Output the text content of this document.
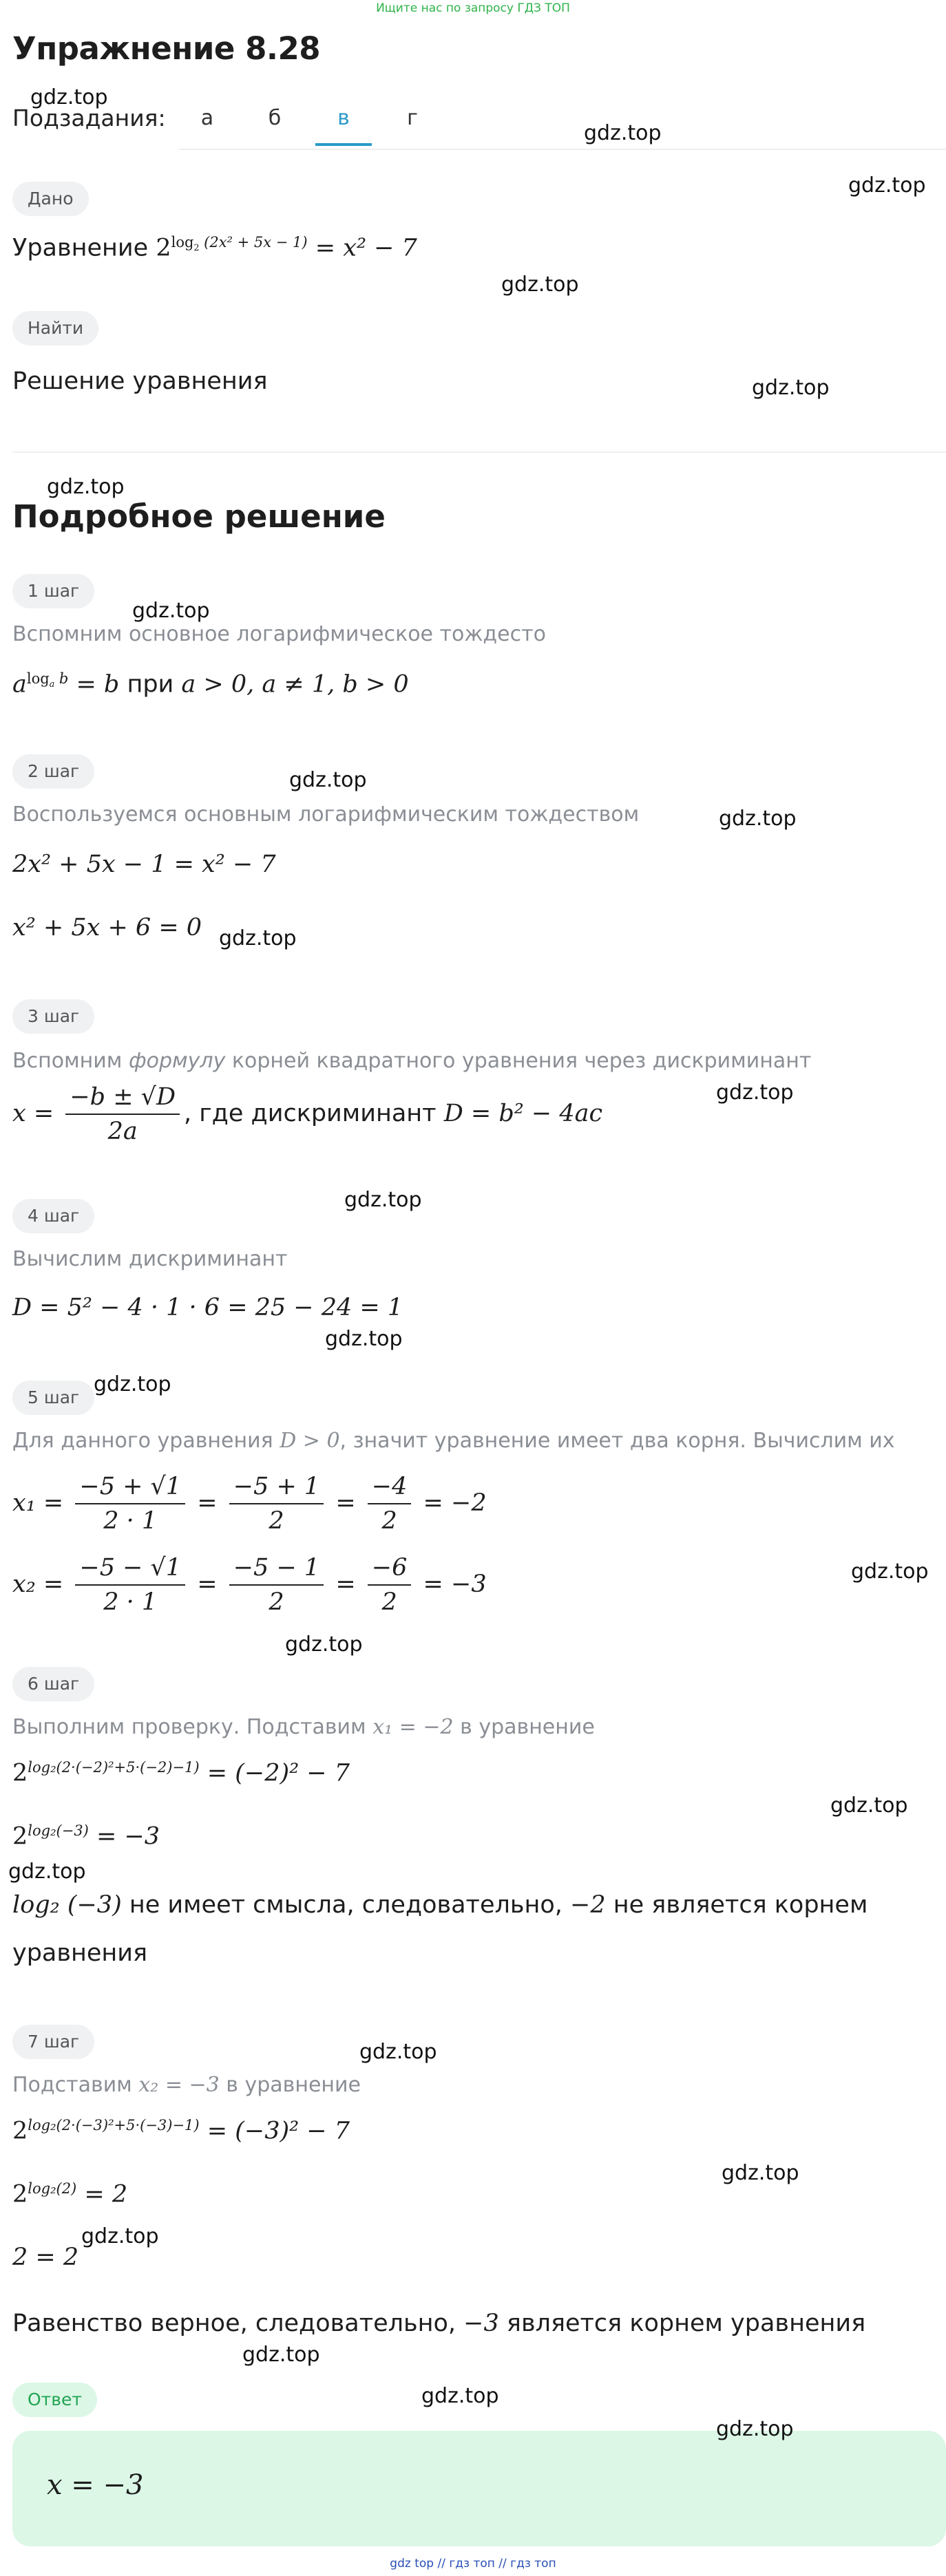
Ищите нас по запросу ГДЗ ТОП
Упражнение 8.28
Подзадания:	а	б	в	г
Дано
Уравнение $2^{log_2 (2x^2 + 5x - 1)} = x^2 - 7$
Найти
Решение уравнения
Подробное решение
1 шаг
Вспомним основное логарифмическое тождесто
$a^{log_a b} = b$ при a > 0, a ≠ 1, b > 0
2 шаг
Воспользуемся основным логарифмическим тождеством
2x² + 5x − 1 = x² − 7
x² + 5x + 6 = 0
3 шаг
Вспомним формулу корней квадратного уравнения через дискриминант
$x = \frac{-b \pm √D}{2a}$ , где дискриминант D = b² − 4ac
4 шаг
Вычислим дискриминант
D = 5² − 4 · 1 · 6 = 25 − 24 = 1
5 шаг
Для данного уравнения D > 0, значит уравнение имеет два корня. Вычислим их
$x_1 = \frac{-5 + √1}{2 \cdot 1} = \frac{-5 + 1}{2} = \frac{-4}{2} = -2$
$x_2 = \frac{-5 - √1}{2 \cdot 1} = \frac{-5 - 1}{2} = \frac{-6}{2} = -3$
6 шаг
Выполним проверку. Подставим x₁ = −2 в уравнение
$2^{log_2(2\cdot(-2)^2+5\cdot(-2)-1)} = (-2)^2 - 7$
$2^{log_2(-3)} = -3$
log₂ (−3) не имеет смысла, следовательно, −2 не является корнем
уравнения
7 шаг
Подставим x₂ = −3 в уравнение
$2^{log_2(2\cdot(-3)^2+5\cdot(-3)-1)} = (-3)^2 - 7$
$2^{log_2(2)} = 2$
2 = 2
Равенство верное, следовательно, −3 является корнем уравнения
Ответ
x = −3
gdz.top
gdz.top
gdz.top
gdz.top
gdz.top
gdz.top
gdz.top
gdz.top
gdz.top
gdz.top
gdz.top
gdz.top
gdz.top
gdz.top
gdz.top
gdz.top
gdz.top
gdz.top
gdz.top
gdz.top
gdz.top
gdz.top
gdz.top
gdz.top
gdz top // гдз топ // гдз топ
